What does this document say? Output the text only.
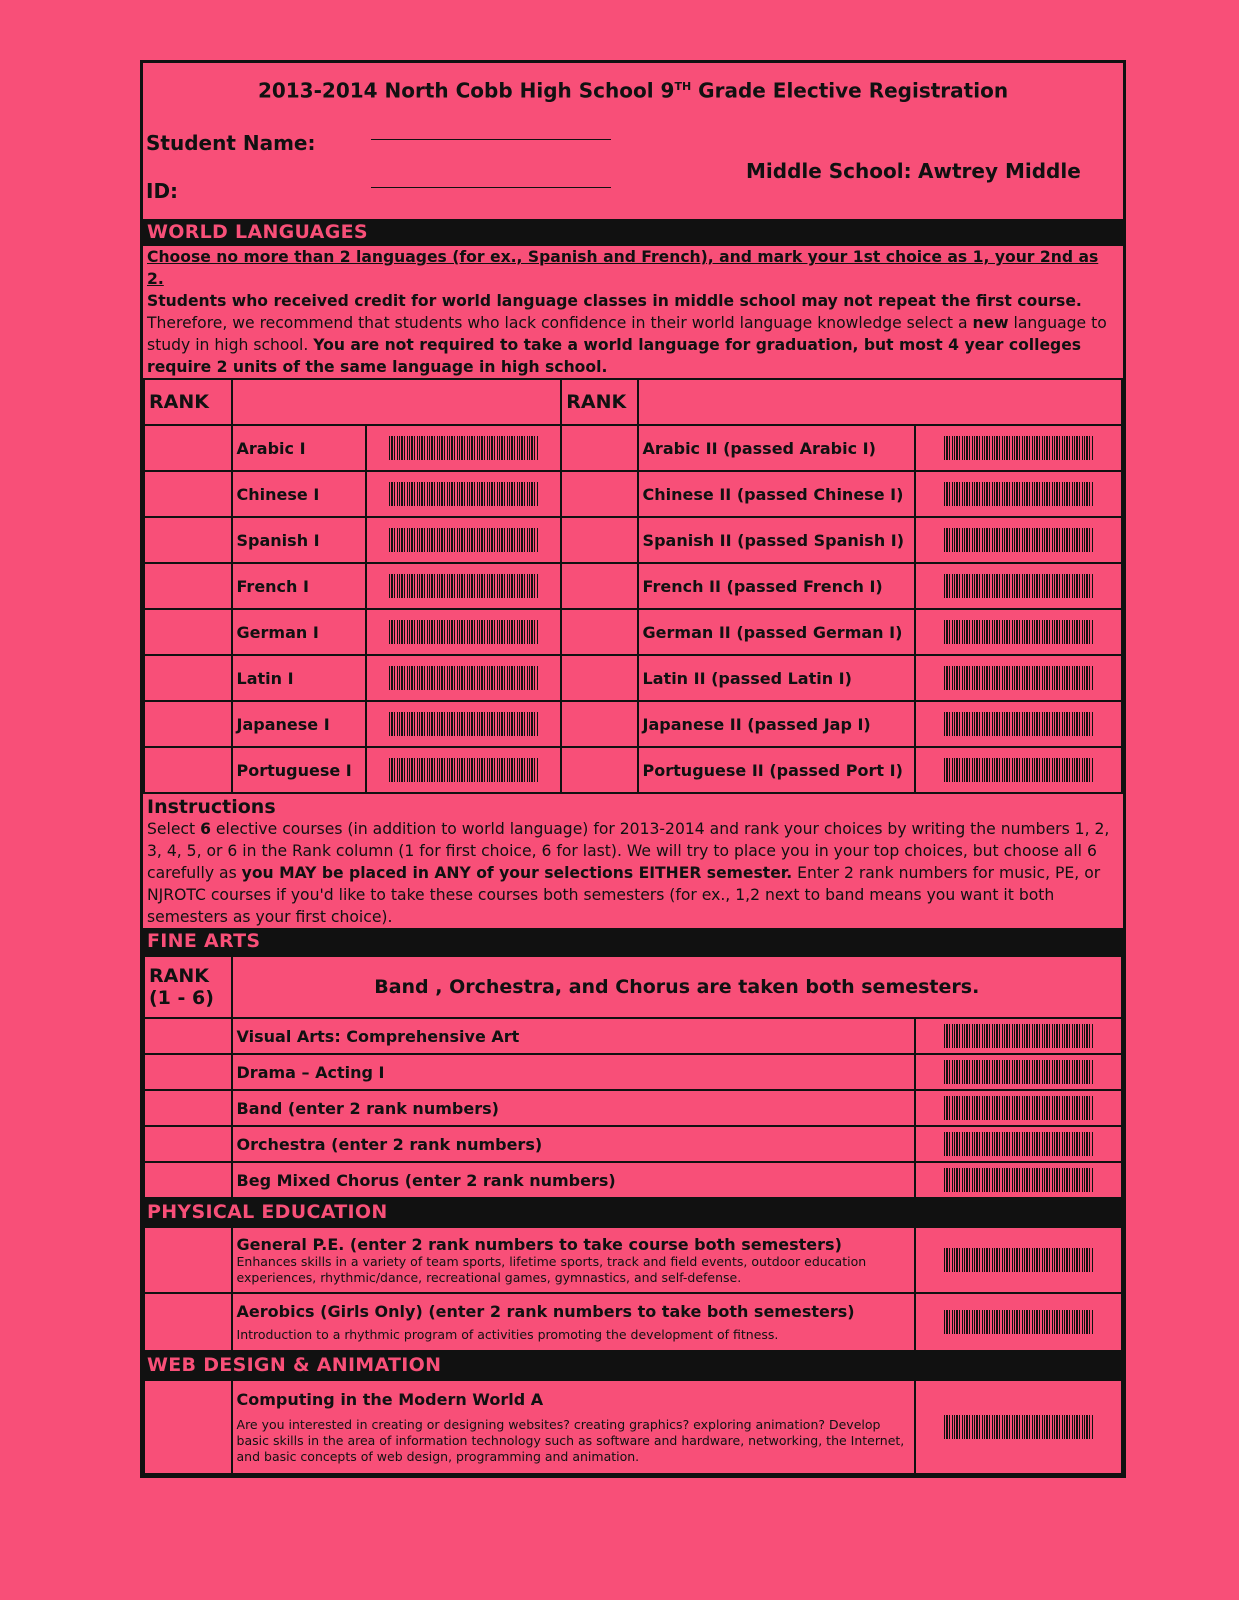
2013-2014 North Cobb High School 9TH Grade Elective Registration
Student Name:
ID:
Middle School: Awtrey Middle
WORLD LANGUAGES
Choose no more than 2 languages (for ex., Spanish and French), and mark your 1st choice as 1, your 2nd as 2.
Students who received credit for world language classes in middle school may not repeat the first course.
Therefore, we recommend that students who lack confidence in their world language knowledge select a new language to study in high school. You are not required to take a world language for graduation, but most 4 year colleges require 2 units of the same language in high school.
RANK			RANK		
	Arabic I			Arabic II (passed Arabic I)	

	Chinese I			Chinese II (passed Chinese I)	

	Spanish I			Spanish II (passed Spanish I)	

	French I			French II (passed French I)	

	German I			German II (passed German I)	

	Latin I			Latin II (passed Latin I)	

	Japanese I			Japanese II (passed Jap I)	

	Portuguese I			Portuguese II (passed Port I)	
Instructions
Select 6 elective courses (in addition to world language) for 2013-2014 and rank your choices by writing the numbers 1, 2, 3, 4, 5, or 6 in the Rank column (1 for first choice, 6 for last). We will try to place you in your top choices, but choose all 6 carefully as you MAY be placed in ANY of your selections EITHER semester. Enter 2 rank numbers for music, PE, or NJROTC courses if you'd like to take these courses both semesters (for ex., 1,2 next to band means you want it both semesters as your first choice).
FINE ARTS
RANK (1 - 6)	Band , Orchestra, and Chorus are taken both semesters.	
	Visual Arts: Comprehensive Art	

	Drama – Acting I	

	Band (enter 2 rank numbers)	

	Orchestra (enter 2 rank numbers)	

	Beg Mixed Chorus (enter 2 rank numbers)	
PHYSICAL EDUCATION

	General P.E. (enter 2 rank numbers to take course both semesters)
Enhances skills in a variety of team sports, lifetime sports, track and field events, outdoor education experiences, rhythmic/dance, recreational games, gymnastics, and self-defense.	

	Aerobics (Girls Only) (enter 2 rank numbers to take both semesters)
Introduction to a rhythmic program of activities promoting the development of fitness.	

WEB DESIGN & ANIMATION

Computing in the Modern World A
Are you interested in creating or designing websites? creating graphics? exploring animation? Develop basic skills in the area of information technology such as software and hardware, networking, the Internet, and basic concepts of web design, programming and animation.
